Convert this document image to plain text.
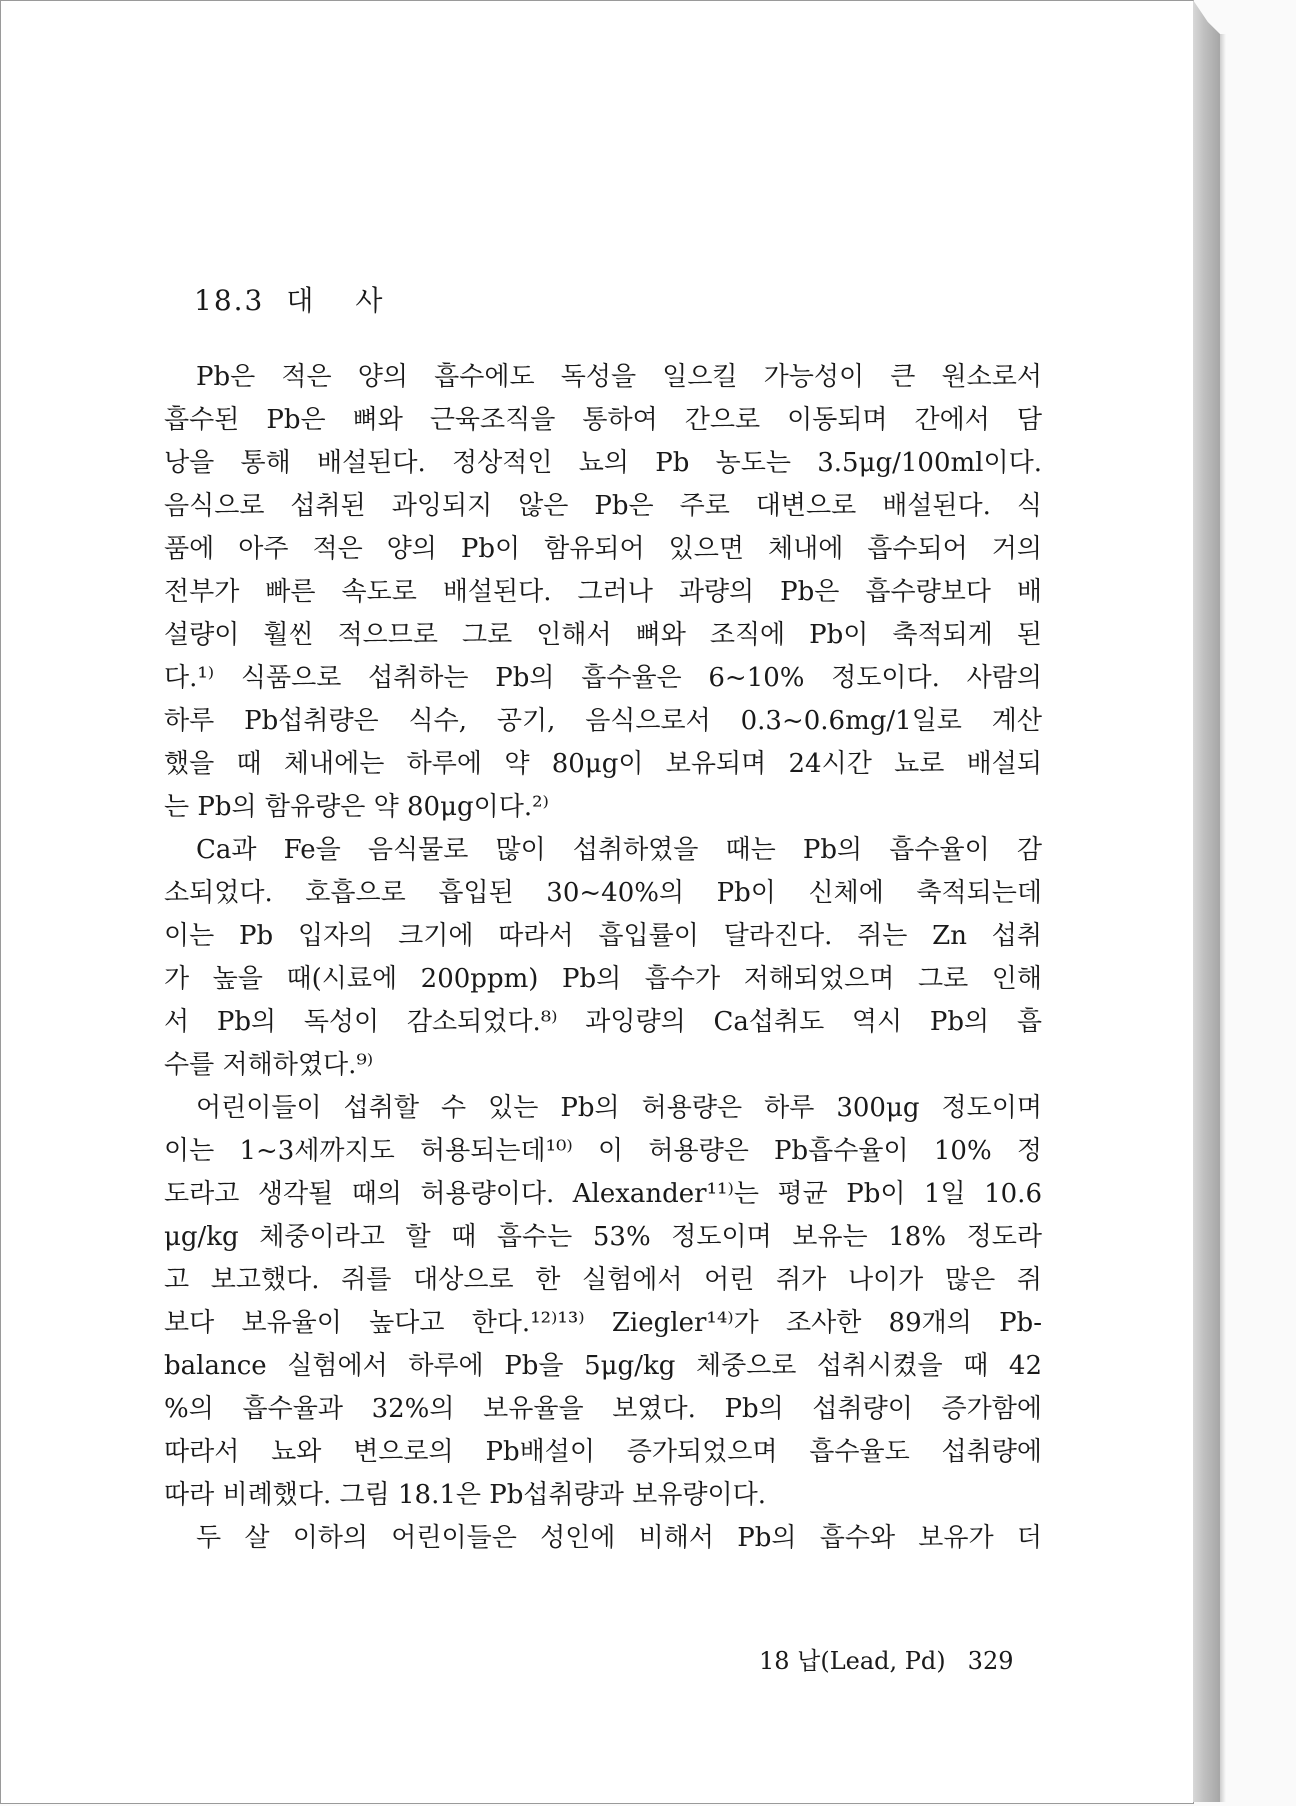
18.3 대 사
Pb은 적은 양의 흡수에도 독성을 일으킬 가능성이 큰 원소로서
흡수된 Pb은 뼈와 근육조직을 통하여 간으로 이동되며 간에서 담
낭을 통해 배설된다. 정상적인 뇨의 Pb 농도는 3.5μg/100ml이다.
음식으로 섭취된 과잉되지 않은 Pb은 주로 대변으로 배설된다. 식
품에 아주 적은 양의 Pb이 함유되어 있으면 체내에 흡수되어 거의
전부가 빠른 속도로 배설된다. 그러나 과량의 Pb은 흡수량보다 배
설량이 훨씬 적으므로 그로 인해서 뼈와 조직에 Pb이 축적되게 된
다.¹⁾ 식품으로 섭취하는 Pb의 흡수율은 6~10% 정도이다. 사람의
하루 Pb섭취량은 식수, 공기, 음식으로서 0.3~0.6mg/1일로 계산
했을 때 체내에는 하루에 약 80μg이 보유되며 24시간 뇨로 배설되
는 Pb의 함유량은 약 80μg이다.²⁾
Ca과 Fe을 음식물로 많이 섭취하였을 때는 Pb의 흡수율이 감
소되었다. 호흡으로 흡입된 30~40%의 Pb이 신체에 축적되는데
이는 Pb 입자의 크기에 따라서 흡입률이 달라진다. 쥐는 Zn 섭취
가 높을 때(시료에 200ppm) Pb의 흡수가 저해되었으며 그로 인해
서 Pb의 독성이 감소되었다.⁸⁾ 과잉량의 Ca섭취도 역시 Pb의 흡
수를 저해하였다.⁹⁾
어린이들이 섭취할 수 있는 Pb의 허용량은 하루 300μg 정도이며
이는 1~3세까지도 허용되는데¹⁰⁾ 이 허용량은 Pb흡수율이 10% 정
도라고 생각될 때의 허용량이다. Alexander¹¹⁾는 평균 Pb이 1일 10.6
μg/kg 체중이라고 할 때 흡수는 53% 정도이며 보유는 18% 정도라
고 보고했다. 쥐를 대상으로 한 실험에서 어린 쥐가 나이가 많은 쥐
보다 보유율이 높다고 한다.¹²⁾¹³⁾ Ziegler¹⁴⁾가 조사한 89개의 Pb-
balance 실험에서 하루에 Pb을 5μg/kg 체중으로 섭취시켰을 때 42
%의 흡수율과 32%의 보유율을 보였다. Pb의 섭취량이 증가함에
따라서 뇨와 변으로의 Pb배설이 증가되었으며 흡수율도 섭취량에
따라 비례했다. 그림 18.1은 Pb섭취량과 보유량이다.
두 살 이하의 어린이들은 성인에 비해서 Pb의 흡수와 보유가 더
18 납(Lead, Pd) 329
